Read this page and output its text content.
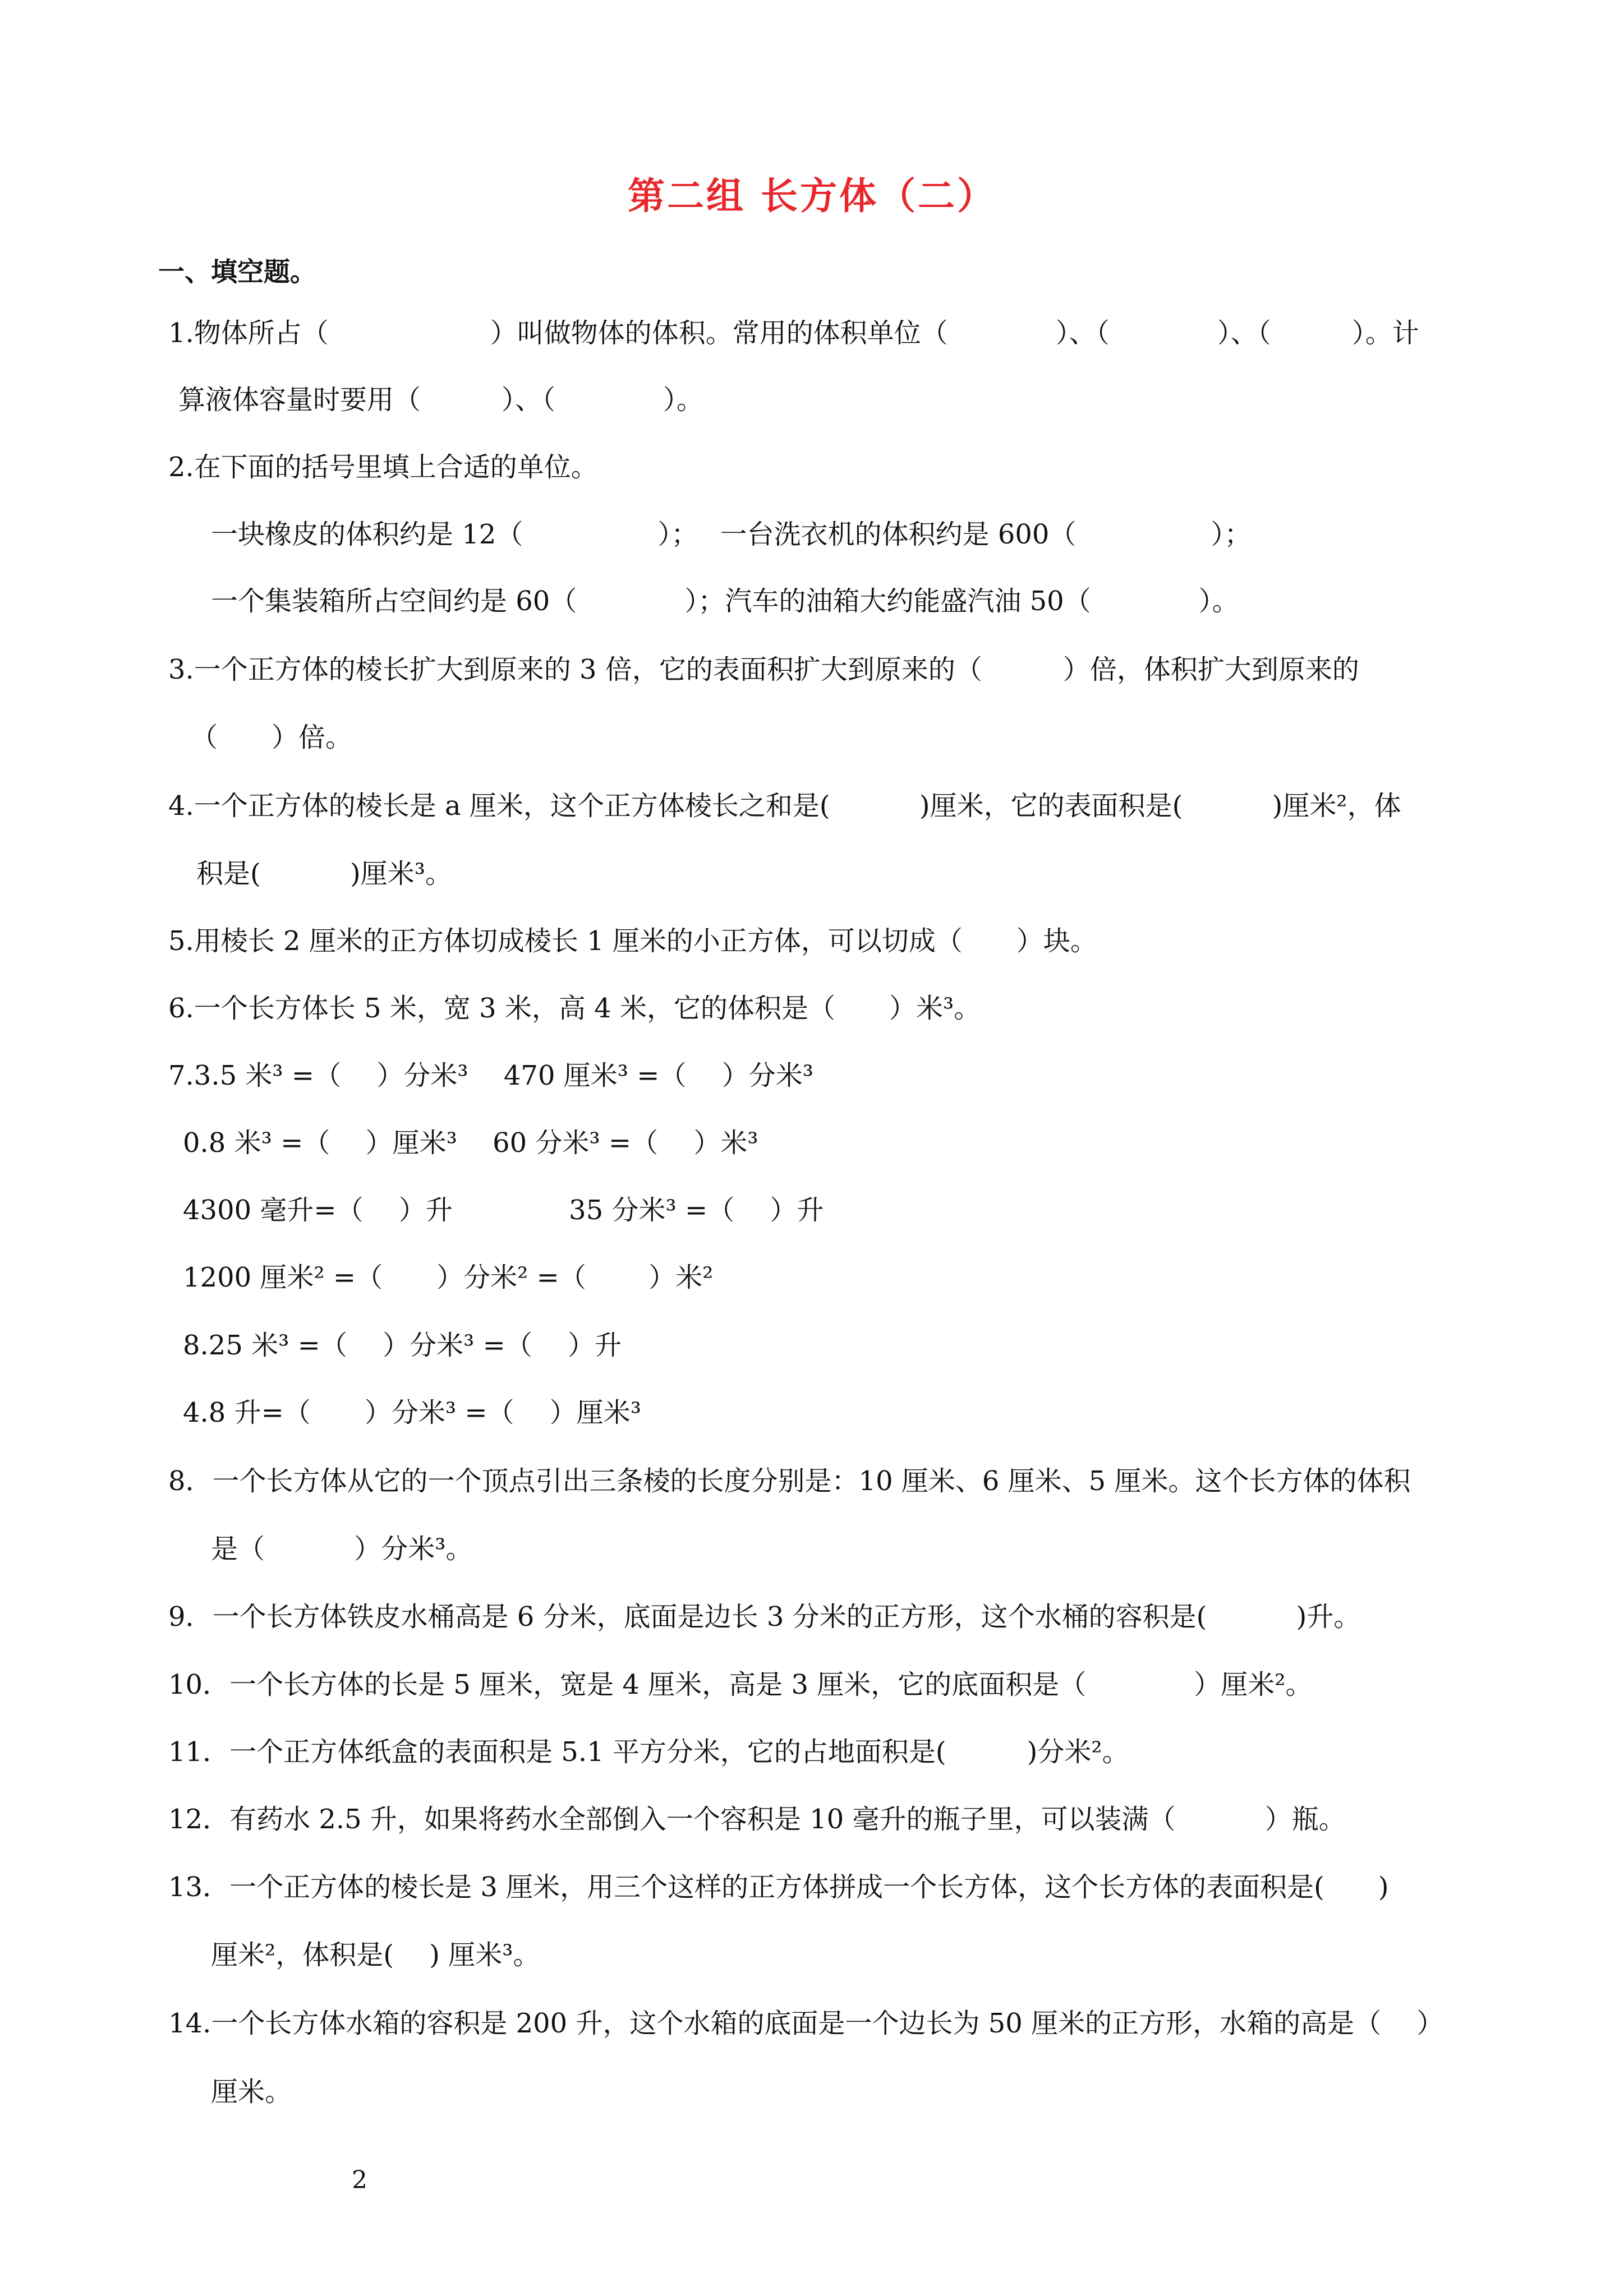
第二组 长方体（二）
一、填空题。
1.物体所占（　　　　　　）叫做物体的体积。常用的体积单位（　　　　）、（　　　　）、（　　　）。计
算液体容量时要用（　　　）、（　　　　）。
2.在下面的括号里填上合适的单位。
一块橡皮的体积约是 12（　　　　　）；　 一台洗衣机的体积约是 600（　　　　　）；
一个集装箱所占空间约是 60（　　　　）；汽车的油箱大约能盛汽油 50（　　　　）。
3.一个正方体的棱长扩大到原来的 3 倍，它的表面积扩大到原来的（　　　）倍，体积扩大到原来的
（　　）倍。
4.一个正方体的棱长是 a 厘米，这个正方体棱长之和是(　　　 )厘米，它的表面积是(　　　 )厘米²，体
积是(　　　 )厘米³。
5.用棱长 2 厘米的正方体切成棱长 1 厘米的小正方体，可以切成（　　）块。
6.一个长方体长 5 米，宽 3 米，高 4 米，它的体积是（　　）米³。
7.3.5 米³ =（　 ）分米³　 470 厘米³ =（　 ）分米³
0.8 米³ =（　 ）厘米³　 60 分米³ =（　 ）米³
4300 毫升=（　 ）升　　　　 35 分米³ =（　 ）升
1200 厘米² =（　　）分米² =（　　 ）米²
8.25 米³ =（　 ）分米³ =（　 ）升
4.8 升=（　　）分米³ =（　 ）厘米³
8．一个长方体从它的一个顶点引出三条棱的长度分别是：10 厘米、6 厘米、5 厘米。这个长方体的体积
是（　　　 ）分米³。
9．一个长方体铁皮水桶高是 6 分米，底面是边长 3 分米的正方形，这个水桶的容积是(　　　 )升。
10．一个长方体的长是 5 厘米，宽是 4 厘米，高是 3 厘米，它的底面积是（　　　　）厘米²。
11．一个正方体纸盒的表面积是 5.1 平方分米，它的占地面积是(　　　)分米²。
12．有药水 2.5 升，如果将药水全部倒入一个容积是 10 毫升的瓶子里，可以装满（　　　 ）瓶。
13．一个正方体的棱长是 3 厘米，用三个这样的正方体拼成一个长方体，这个长方体的表面积是(　　)
厘米²，体积是(　 ) 厘米³。
14.一个长方体水箱的容积是 200 升，这个水箱的底面是一个边长为 50 厘米的正方形，水箱的高是（　 ）
厘米。
2
